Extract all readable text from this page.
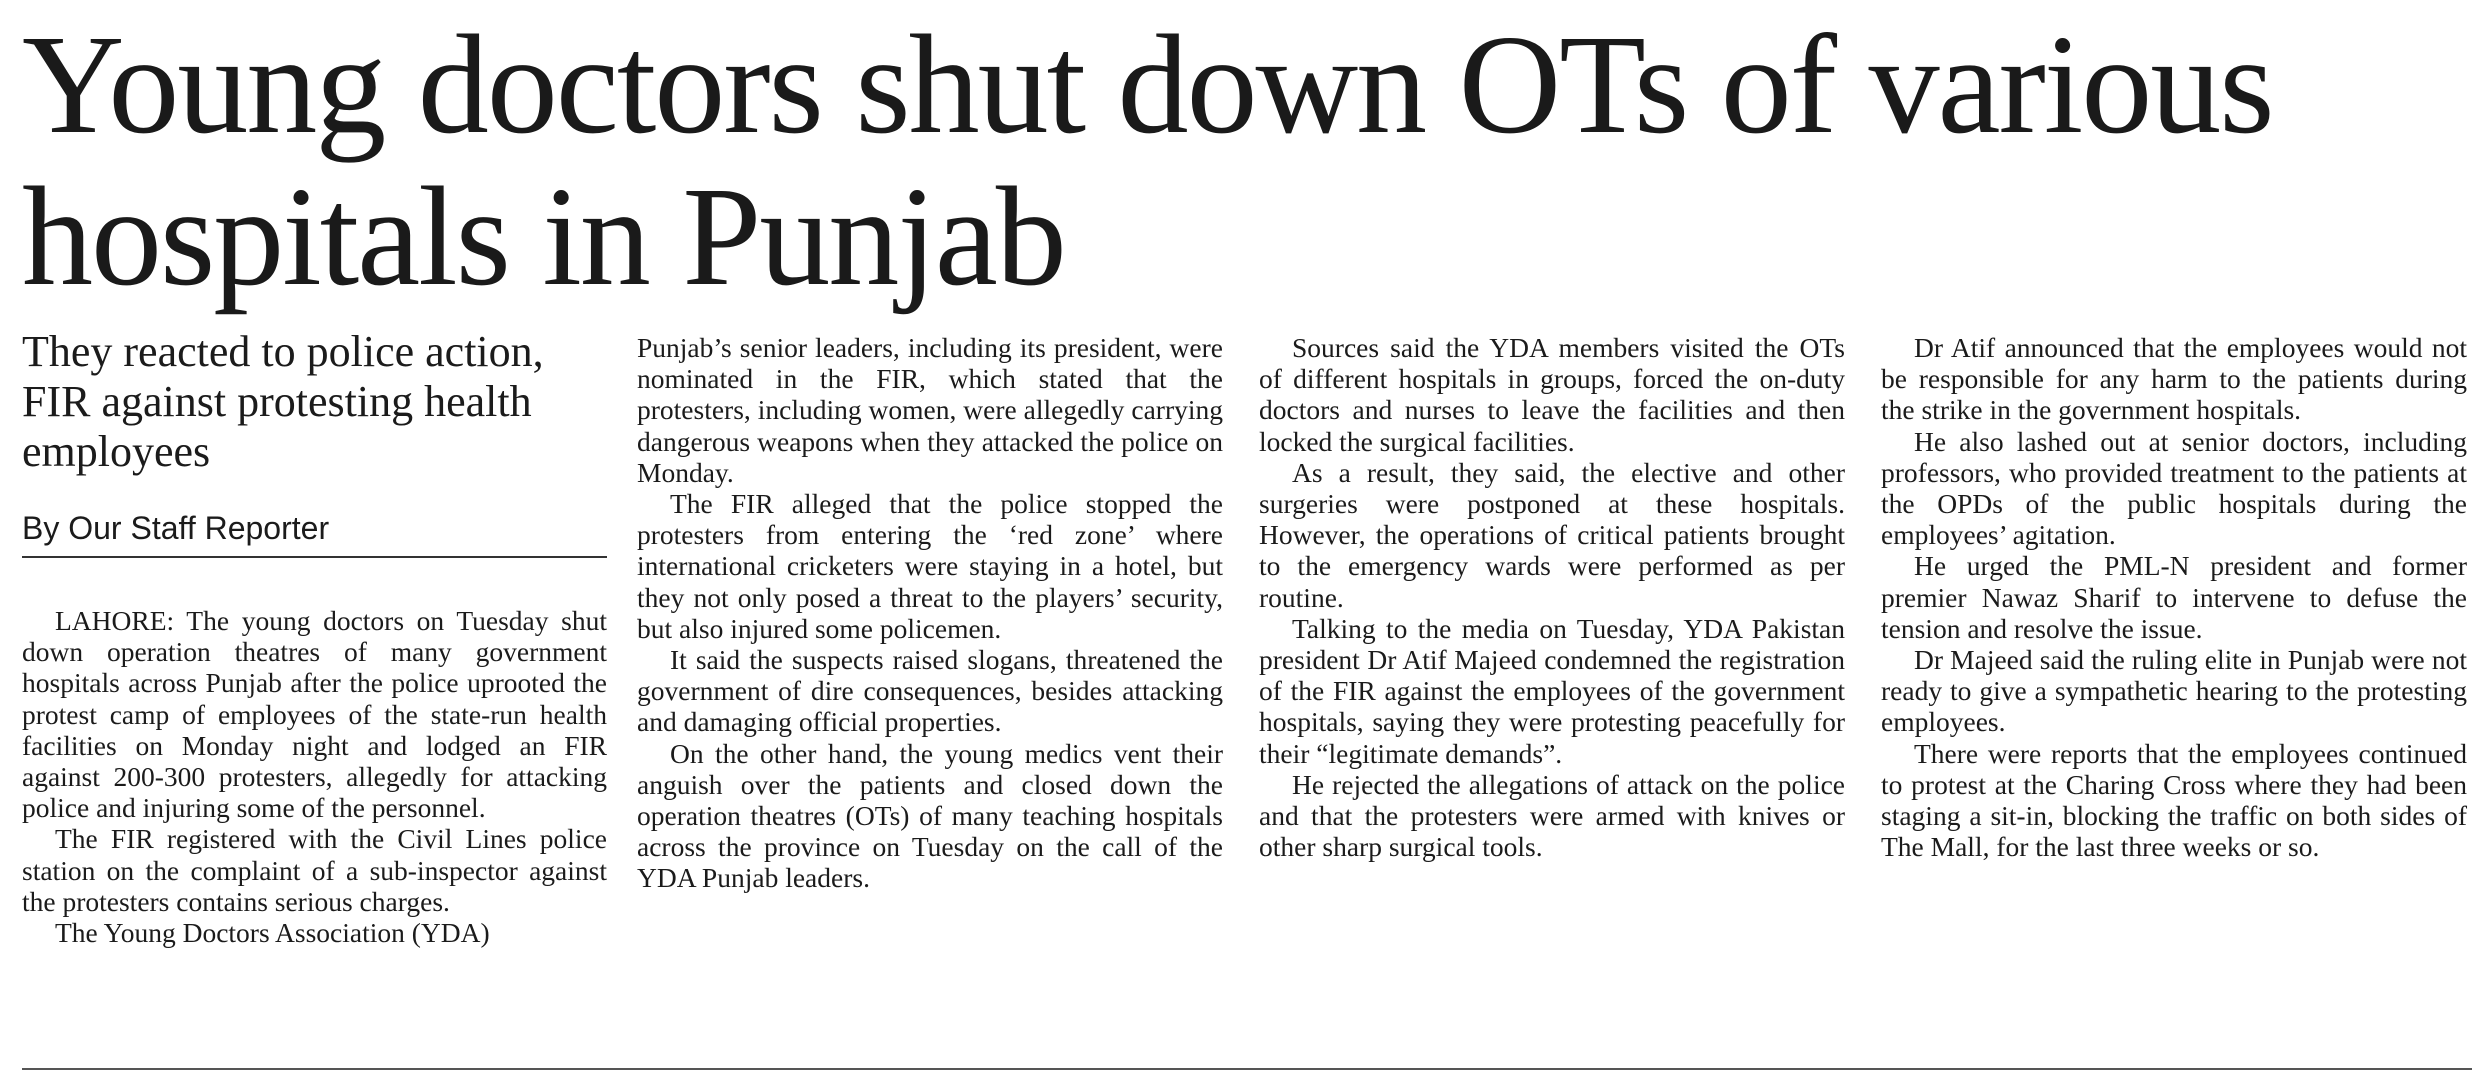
Young doctors shut down OTs of various hospitals in Punjab
They reacted to police action, FIR against protesting health employees
By Our Staff Reporter

LAHORE: The young doctors on Tuesday shut down operation theatres of many government hospitals across Punjab after the police uprooted the protest camp of employees of the state-run health facilities on Monday night and lodged an FIR against 200-300 protesters, allegedly for attacking police and injuring some of the personnel.

The FIR registered with the Civil Lines police station on the complaint of a sub-inspector against the protesters contains serious charges.

The Young Doctors Association (YDA)

Punjab’s senior leaders, including its president, were nominated in the FIR, which stated that the protesters, including women, were allegedly carrying dangerous weapons when they attacked the police on Monday.

The FIR alleged that the police stopped the protesters from entering the ‘red zone’ where international cricketers were staying in a hotel, but they not only posed a threat to the players’ security, but also injured some policemen.

It said the suspects raised slogans, threatened the government of dire consequences, besides attacking and damaging official properties.

On the other hand, the young medics vent their anguish over the patients and closed down the operation theatres (OTs) of many teaching hospitals across the province on Tuesday on the call of the YDA Punjab leaders.

Sources said the YDA members visited the OTs of different hospitals in groups, forced the on-duty doctors and nurses to leave the facilities and then locked the surgical facilities.

As a result, they said, the elective and other surgeries were postponed at these hospitals. However, the operations of critical patients brought to the emergency wards were performed as per routine.

Talking to the media on Tuesday, YDA Pakistan president Dr Atif Majeed condemned the registration of the FIR against the employees of the government hospitals, saying they were protesting peacefully for their “legitimate demands”.

He rejected the allegations of attack on the police and that the protesters were armed with knives or other sharp surgical tools.

Dr Atif announced that the employees would not be responsible for any harm to the patients during the strike in the government hospitals.

He also lashed out at senior doctors, including professors, who provided treatment to the patients at the OPDs of the public hospitals during the employees’ agitation.

He urged the PML-N president and former premier Nawaz Sharif to intervene to defuse the tension and resolve the issue.

Dr Majeed said the ruling elite in Punjab were not ready to give a sympathetic hearing to the protesting employees.

There were reports that the employees continued to protest at the Charing Cross where they had been staging a sit-in, blocking the traffic on both sides of The Mall, for the last three weeks or so.
